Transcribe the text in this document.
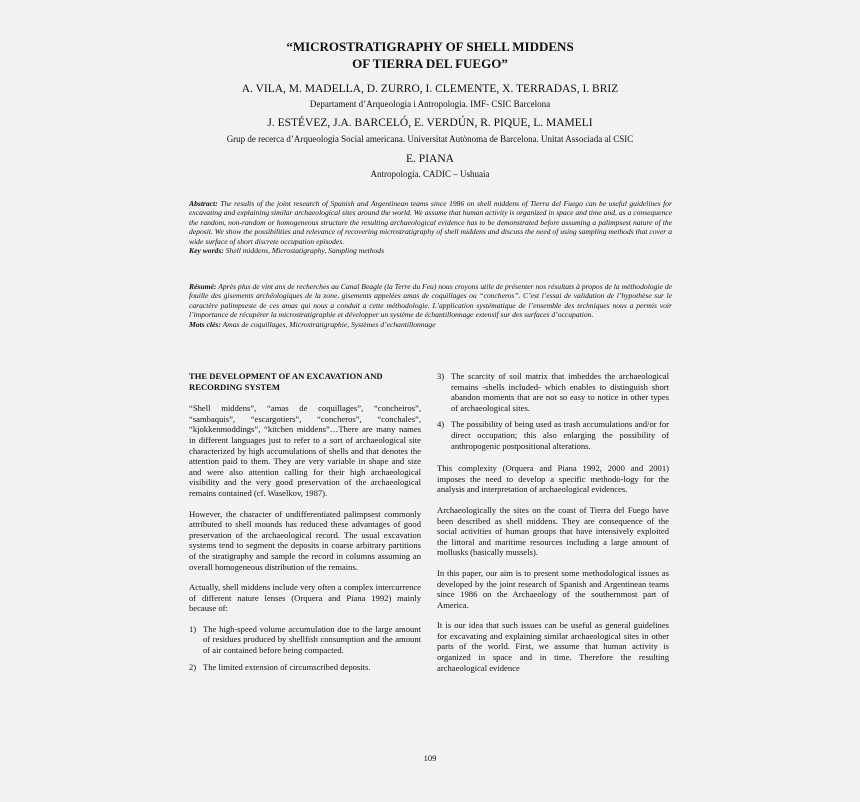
“MICROSTRATIGRAPHY OF SHELL MIDDENS
OF TIERRA DEL FUEGO”
A. VILA, M. MADELLA, D. ZURRO, I. CLEMENTE, X. TERRADAS, I. BRIZ
Departament d’Arqueologia i Antropologia. IMF- CSIC Barcelona
J. ESTÉVEZ, J.A. BARCELÓ, E. VERDÚN, R. PIQUE, L. MAMELI
Grup de recerca d’Arqueologia Social americana. Universitat Autònoma de Barcelona. Unitat Associada al CSIC
E. PIANA
Antropología. CADIC – Ushuaia
Abstract: The results of the joint research of Spanish and Argentinean teams since 1986 on shell middens of Tierra del Fuego can be useful guidelines for excavating and explaining similar archaeological sites around the world. We assume that human activity is organized in space and time and, as a consequence the random, non-random or homogeneous structure the resulting archaeological evidence has to be demonstrated before assuming a palimpsest nature of the deposit. We show the possibilities and relevance of recovering microstratigraphy of shell middens and discuss the need of using sampling methods that cover a wide surface of short discrete occupation episodes.
Key words: Shell middens, Microstatigraphy, Sampling methods
Résumé: Après plus de vint ans de recherches au Canal Beagle (la Terre du Feu) nous croyons utile de présenter nos résultats à propos de la méthodologie de fouille des gisements archéologiques de la zone, gisements appelées amas de coquillages ou “concheros”. C’est l’essai de validation de l’hypothèse sur le caractère palimpseste de ces amas qui nous a conduit a cette méthodologie. L’application systématique de l’ensemble des techniques nous a permis voir l’importance de récupérer la microstratigraphie et développer un système de échantillonnage extensif sur des surfaces d’occupation.
Mots clés: Amas de coquillages, Microstratigraphie, Systèmes d’echantillonnage
THE DEVELOPMENT OF AN EXCAVATION AND RECORDING SYSTEM

“Shell middens”, “amas de coquillages”, “concheiros”, “sambaquis”, “escargotiers”, “concheros”, “conchales”, “kjokkenmoddings”, “kitchen middens”…There are many names in different languages just to refer to a sort of archaeological site characterized by high accumulations of shells and that denotes the attention paid to them. They are very variable in shape and size and were also attention calling for their high archaeological visibility and the very good preservation of the archaeological remains contained (cf. Waselkov, 1987).

However, the character of undifferentiated palimpsest commonly attributed to shell mounds has reduced these advantages of good preservation of the archaeological record. The usual excavation systems tend to segment the deposits in coarse arbitrary partitions of the stratigraphy and sample the record in columns assuming an overall homogeneous distribution of the remains.

Actually, shell middens include very often a complex intercurrence of different nature lenses (Orquera and Piana 1992) mainly because of:

1) The high-speed volume accumulation due to the large amount of residues produced by shellfish consumption and the amount of air contained before being compacted.
2) The limited extension of circumscribed deposits.
3) The scarcity of soil matrix that imbeddes the archaeological remains -shells included- which enables to distinguish short abandon moments that are not so easy to notice in other types of archaeological sites.
4) The possibility of being used as trash accumulations and/or for direct occupation; this also enlarging the possibility of anthropogenic postpositional alterations.

This complexity (Orquera and Piana 1992, 2000 and 2001) imposes the need to develop a specific methodo-logy for the analysis and interpretation of archaeological evidences.

Archaeologically the sites on the coast of Tierra del Fuego have been described as shell middens. They are consequence of the social activities of human groups that have intensively exploited the littoral and maritime resources including a large amount of mollusks (basically mussels).

In this paper, our aim is to present some methodological issues as developed by the joint research of Spanish and Argentinean teams since 1986 on the Archaeology of the southernmost part of America.

It is our idea that such issues can be useful as general guidelines for excavating and explaining similar archaeological sites in other parts of the world. First, we assume that human activity is organized in space and in time. Therefore the resulting archaeological evidence

109
